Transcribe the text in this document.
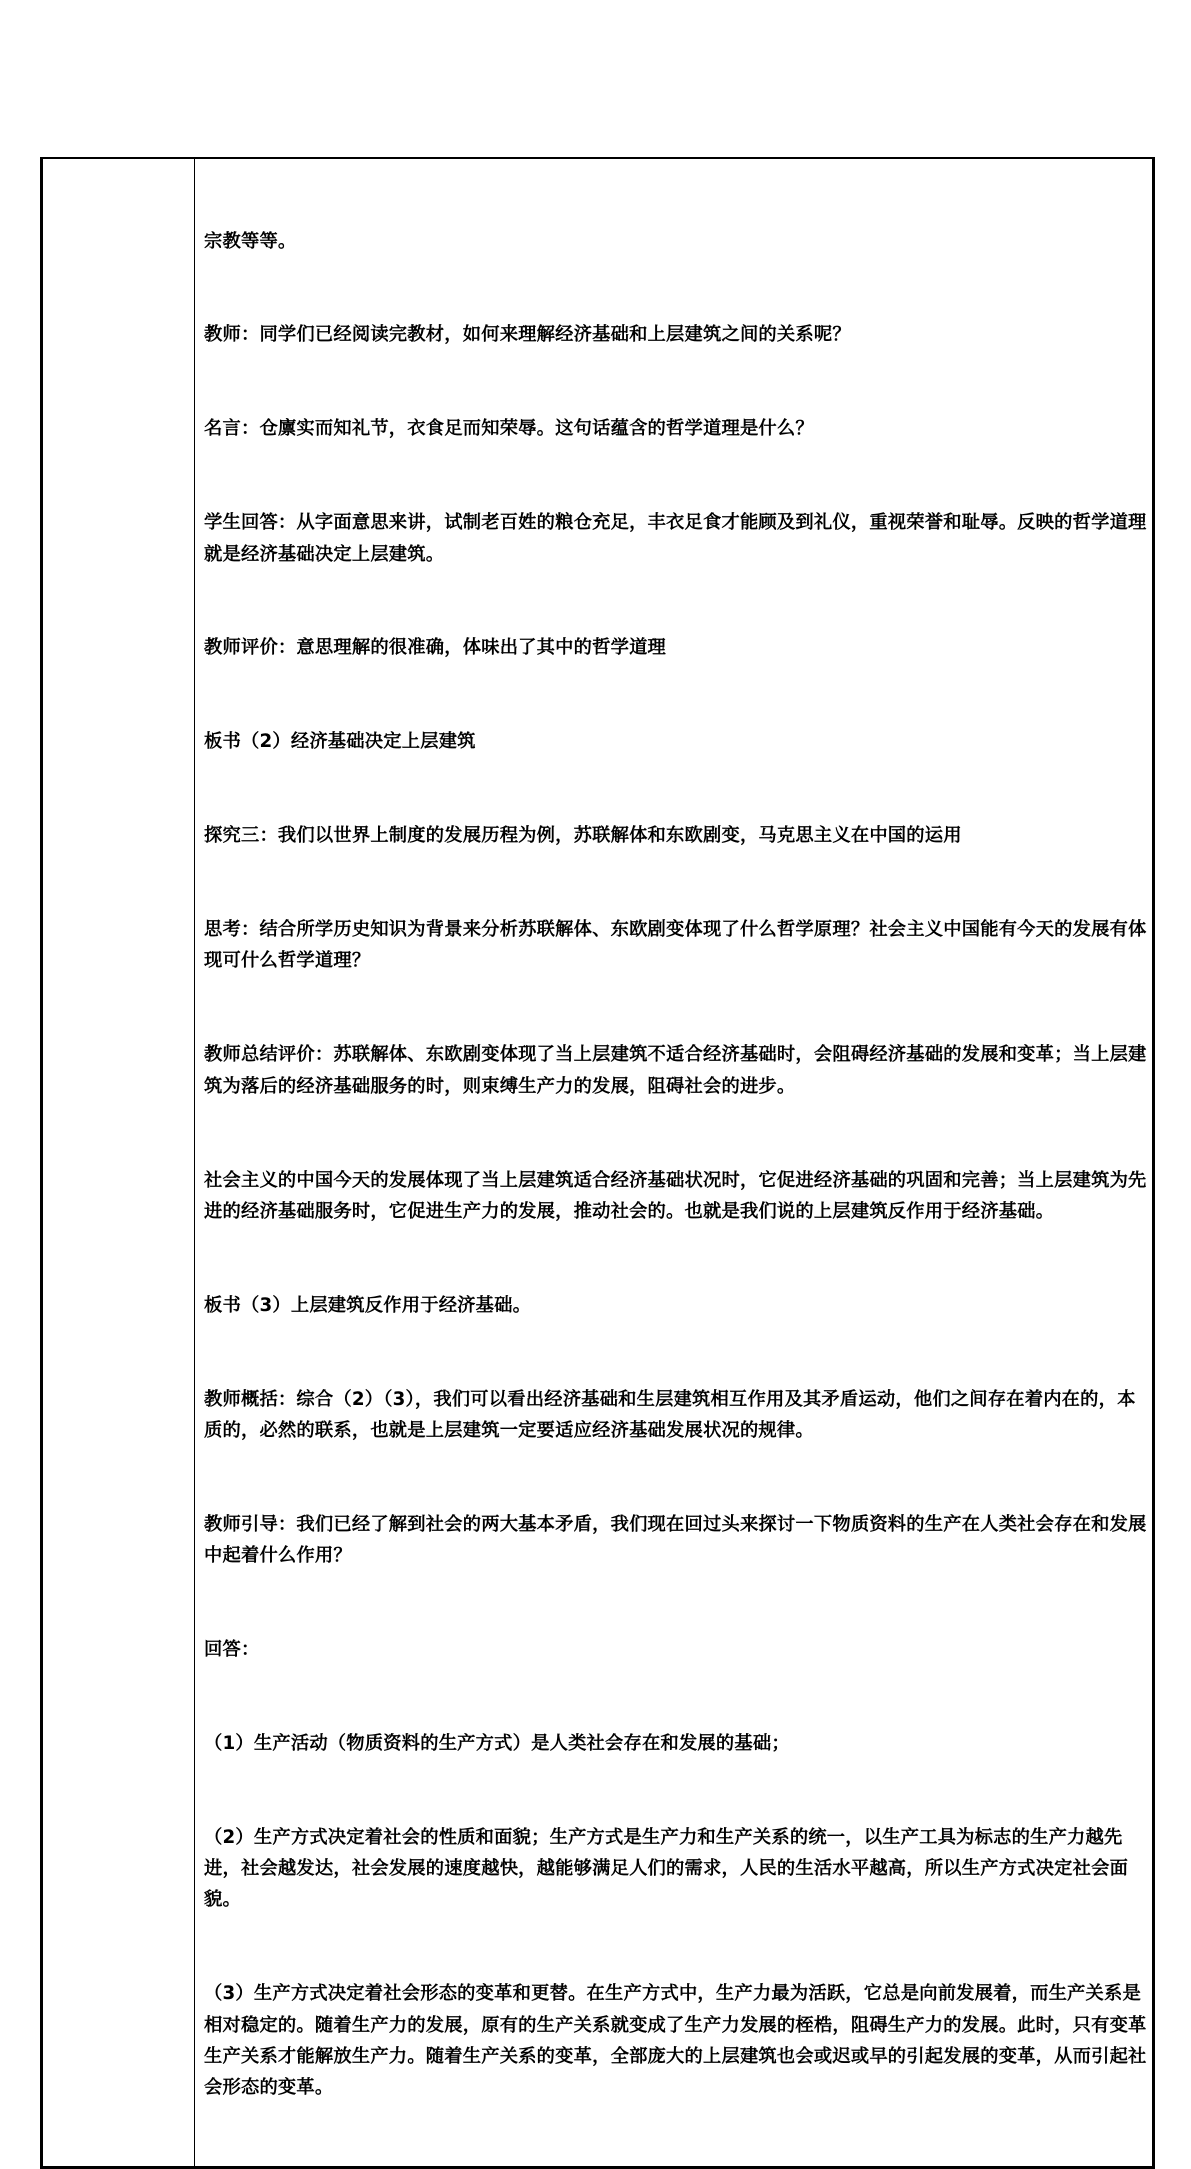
宗教等等。

教师：同学们已经阅读完教材，如何来理解经济基础和上层建筑之间的关系呢？

名言：仓廪实而知礼节，衣食足而知荣辱。这句话蕴含的哲学道理是什么？

学生回答：从字面意思来讲，试制老百姓的粮仓充足，丰衣足食才能顾及到礼仪，重视荣誉和耻辱。反映的哲学道理就是经济基础决定上层建筑。

教师评价：意思理解的很准确，体味出了其中的哲学道理

板书（2）经济基础决定上层建筑

探究三：我们以世界上制度的发展历程为例，苏联解体和东欧剧变，马克思主义在中国的运用

思考：结合所学历史知识为背景来分析苏联解体、东欧剧变体现了什么哲学原理？社会主义中国能有今天的发展有体现可什么哲学道理？

教师总结评价：苏联解体、东欧剧变体现了当上层建筑不适合经济基础时，会阻碍经济基础的发展和变革；当上层建筑为落后的经济基础服务的时，则束缚生产力的发展，阻碍社会的进步。

社会主义的中国今天的发展体现了当上层建筑适合经济基础状况时，它促进经济基础的巩固和完善；当上层建筑为先进的经济基础服务时，它促进生产力的发展，推动社会的。也就是我们说的上层建筑反作用于经济基础。

板书（3）上层建筑反作用于经济基础。

教师概括：综合（2）（3），我们可以看出经济基础和生层建筑相互作用及其矛盾运动，他们之间存在着内在的，本质的，必然的联系，也就是上层建筑一定要适应经济基础发展状况的规律。

教师引导：我们已经了解到社会的两大基本矛盾，我们现在回过头来探讨一下物质资料的生产在人类社会存在和发展中起着什么作用？

回答：

（1）生产活动（物质资料的生产方式）是人类社会存在和发展的基础；

（2）生产方式决定着社会的性质和面貌；生产方式是生产力和生产关系的统一，以生产工具为标志的生产力越先进，社会越发达，社会发展的速度越快，越能够满足人们的需求，人民的生活水平越高，所以生产方式决定社会面貌。

（3）生产方式决定着社会形态的变革和更替。在生产方式中，生产力最为活跃，它总是向前发展着，而生产关系是相对稳定的。随着生产力的发展，原有的生产关系就变成了生产力发展的桎梏，阻碍生产力的发展。此时，只有变革生产关系才能解放生产力。随着生产关系的变革，全部庞大的上层建筑也会或迟或早的引起发展的变革，从而引起社会形态的变革。
